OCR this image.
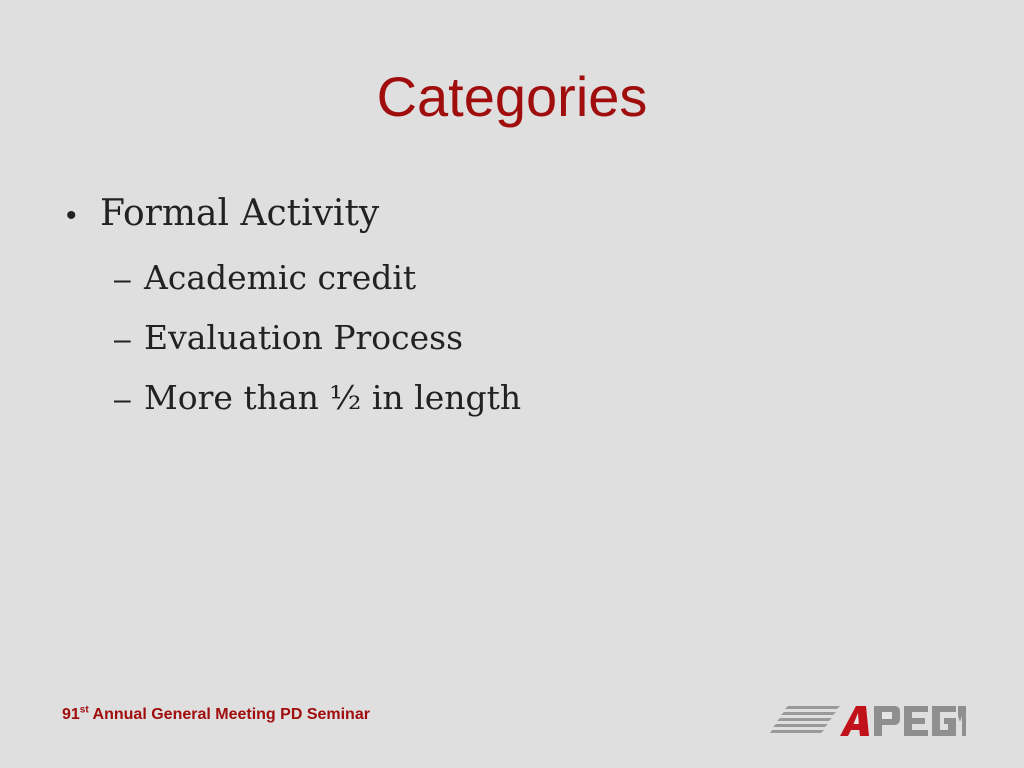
Categories
• Formal Activity
– Academic credit
– Evaluation Process
– More than ½ in length
91st Annual General Meeting PD Seminar
